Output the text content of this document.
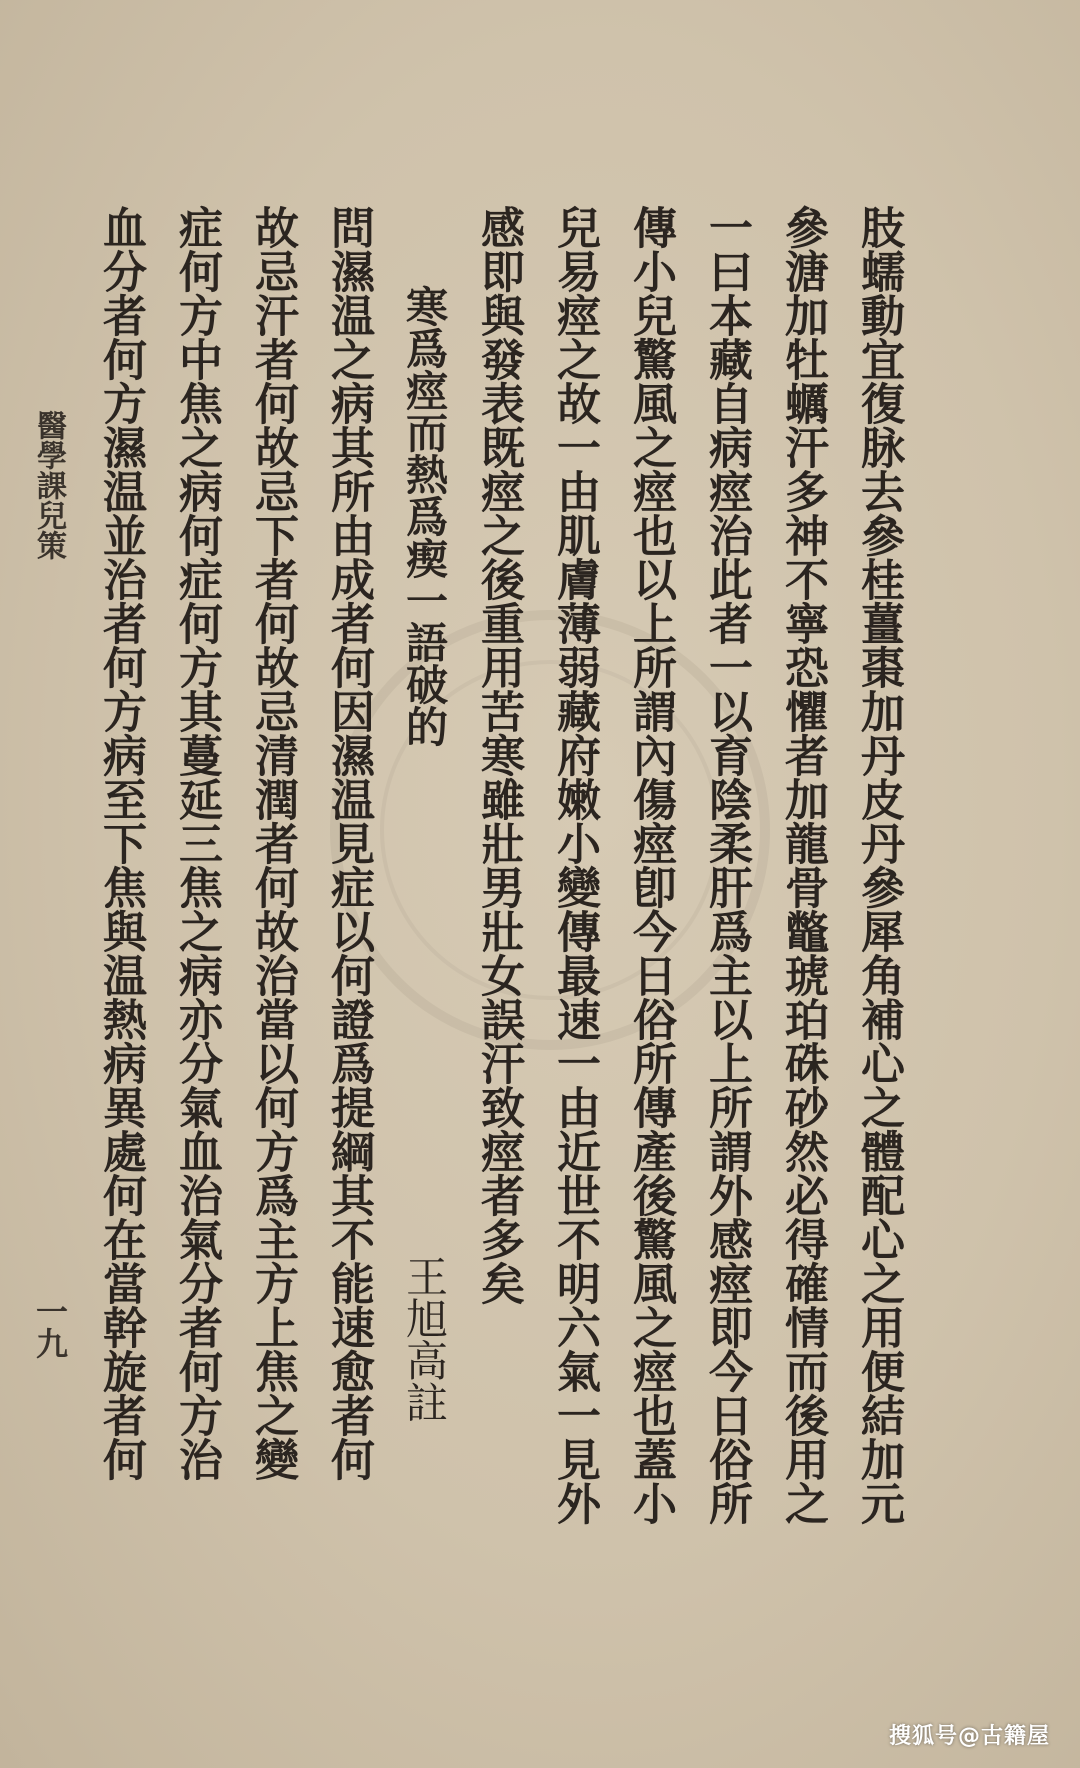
肢蠕動宜復脉去參桂薑棗加丹皮丹參犀角補心之體配心之用便結加元
參溏加牡蠣汗多神不寧恐懼者加龍骨鼈琥珀硃砂然必得確情而後用之
一曰本藏自病痙治此者一以育陰柔肝爲主以上所謂外感痙即今日俗所
傳小兒驚風之痙也以上所謂內傷痙卽今日俗所傳產後驚風之痙也蓋小
兒易痙之故一由肌膚薄弱藏府嫩小變傳最速一由近世不明六氣一見外
感即與發表既痙之後重用苦寒雖壯男壯女誤汗致痙者多矣
寒爲痙而熱爲瘈一語破的
王旭高註
問濕温之病其所由成者何因濕温見症以何證爲提綱其不能速愈者何
故忌汗者何故忌下者何故忌清潤者何故治當以何方爲主方上焦之變
症何方中焦之病何症何方其蔓延三焦之病亦分氣血治氣分者何方治
血分者何方濕温並治者何方病至下焦與温熱病異處何在當幹旋者何
醫學課兒策
一九
搜狐号@古籍屋
